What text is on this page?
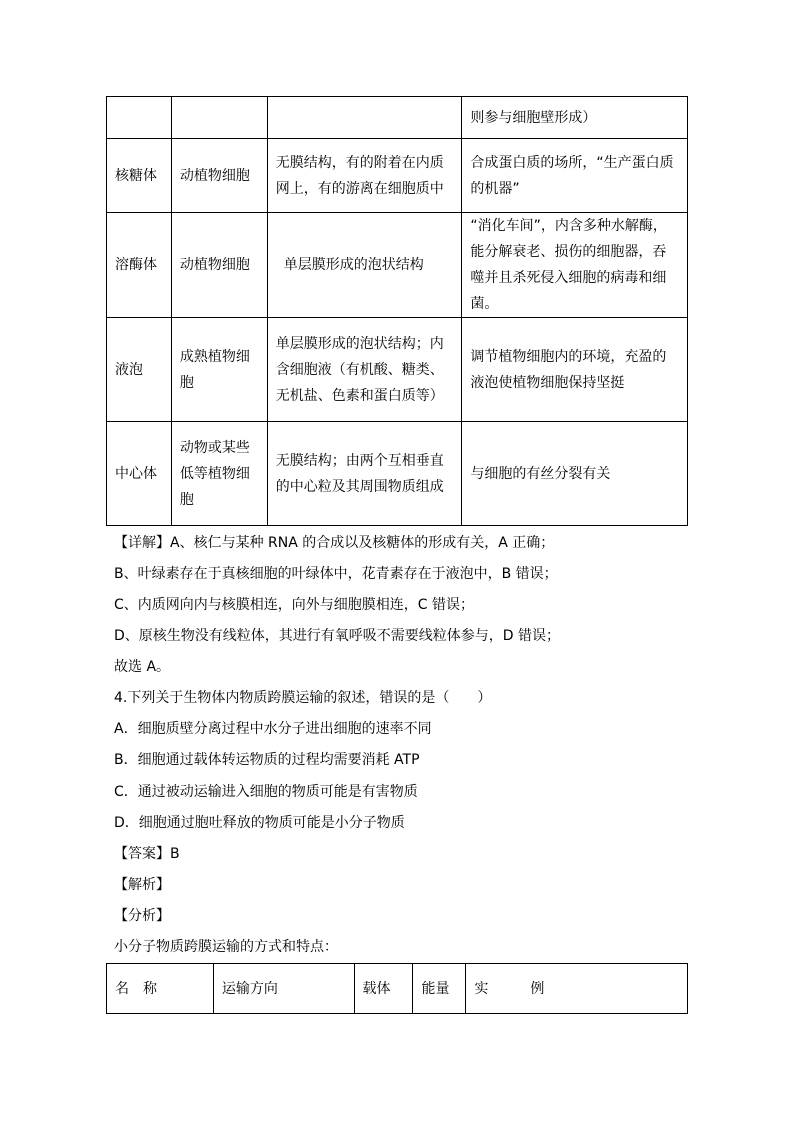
			则参与细胞壁形成）
核糖体	动植物细胞	无膜结构，有的附着在内质网上，有的游离在细胞质中	合成蛋白质的场所，“生产蛋白质的机器”
溶酶体	动植物细胞	单层膜形成的泡状结构	“消化车间”，内含多种水解酶，能分解衰老、损伤的细胞器，吞噬并且杀死侵入细胞的病毒和细菌。
液泡	成熟植物细胞	单层膜形成的泡状结构；内含细胞液（有机酸、糖类、无机盐、色素和蛋白质等）	调节植物细胞内的环境，充盈的液泡使植物细胞保持坚挺
中心体	动物或某些低等植物细胞	无膜结构；由两个互相垂直的中心粒及其周围物质组成	与细胞的有丝分裂有关
【详解】A、核仁与某种 RNA 的合成以及核糖体的形成有关，A 正确；
B、叶绿素存在于真核细胞的叶绿体中，花青素存在于液泡中，B 错误；
C、内质网向内与核膜相连，向外与细胞膜相连，C 错误；
D、原核生物没有线粒体，其进行有氧呼吸不需要线粒体参与，D 错误；
故选 A。
4.下列关于生物体内物质跨膜运输的叙述，错误的是（　　）
A．细胞质壁分离过程中水分子进出细胞的速率不同
B．细胞通过载体转运物质的过程均需要消耗 ATP
C．通过被动运输进入细胞的物质可能是有害物质
D．细胞通过胞吐释放的物质可能是小分子物质
【答案】B
【解析】
【分析】
小分子物质跨膜运输的方式和特点：
名　称	运输方向	载体	能量	实　　　例
